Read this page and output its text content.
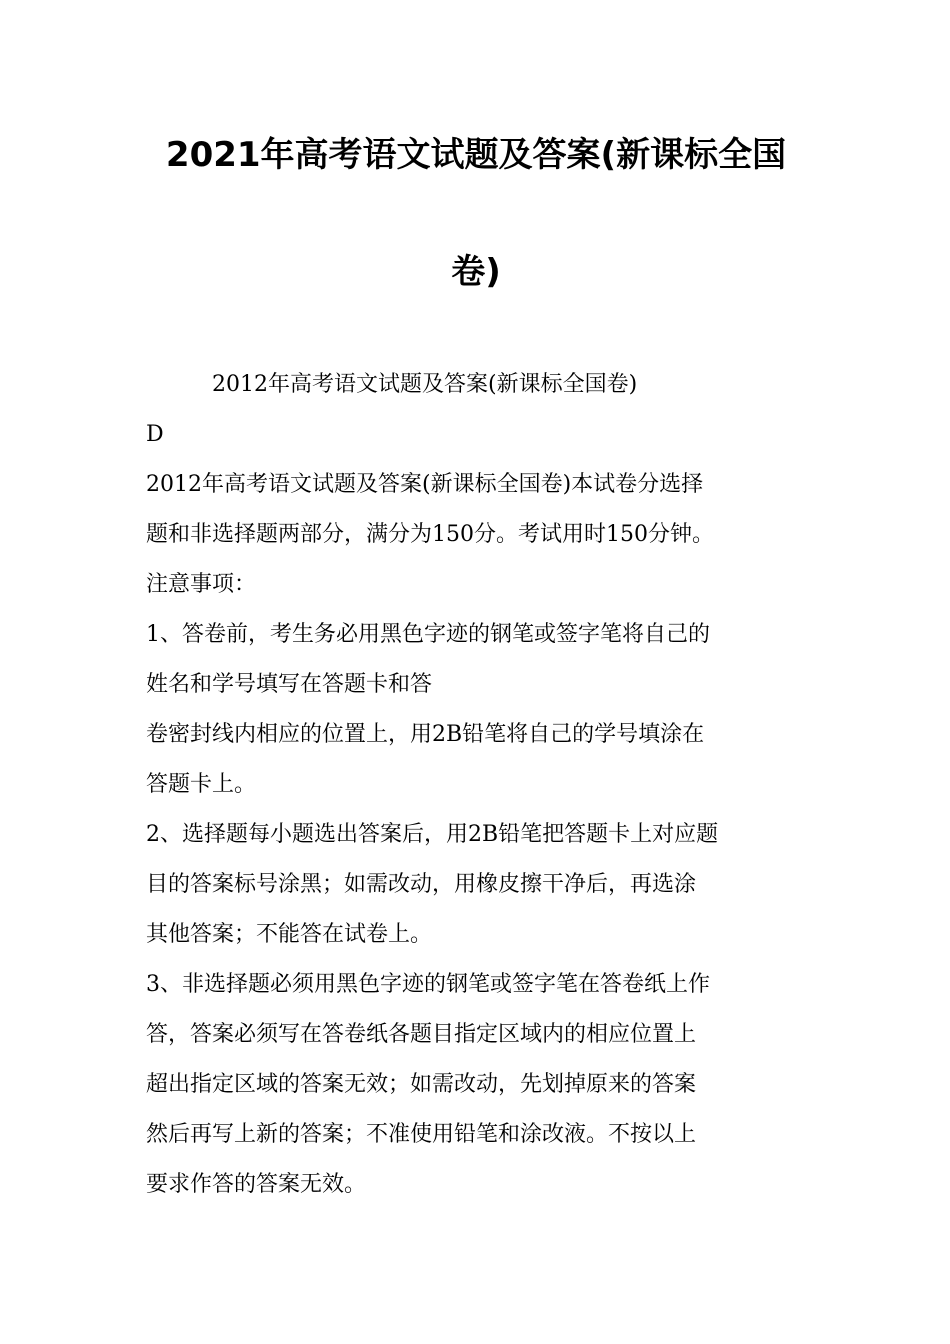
2021年高考语文试题及答案(新课标全国
卷)
2012年高考语文试题及答案(新课标全国卷)
D
2012年高考语文试题及答案(新课标全国卷)本试卷分选择
题和非选择题两部分，满分为150分。考试用时150分钟。
注意事项：
1、答卷前，考生务必用黑色字迹的钢笔或签字笔将自己的
姓名和学号填写在答题卡和答
卷密封线内相应的位置上，用2B铅笔将自己的学号填涂在
答题卡上。
2、选择题每小题选出答案后，用2B铅笔把答题卡上对应题
目的答案标号涂黑；如需改动，用橡皮擦干净后，再选涂
其他答案；不能答在试卷上。
3、非选择题必须用黑色字迹的钢笔或签字笔在答卷纸上作
答，答案必须写在答卷纸各题目指定区域内的相应位置上
超出指定区域的答案无效；如需改动，先划掉原来的答案
然后再写上新的答案；不准使用铅笔和涂改液。不按以上
要求作答的答案无效。
